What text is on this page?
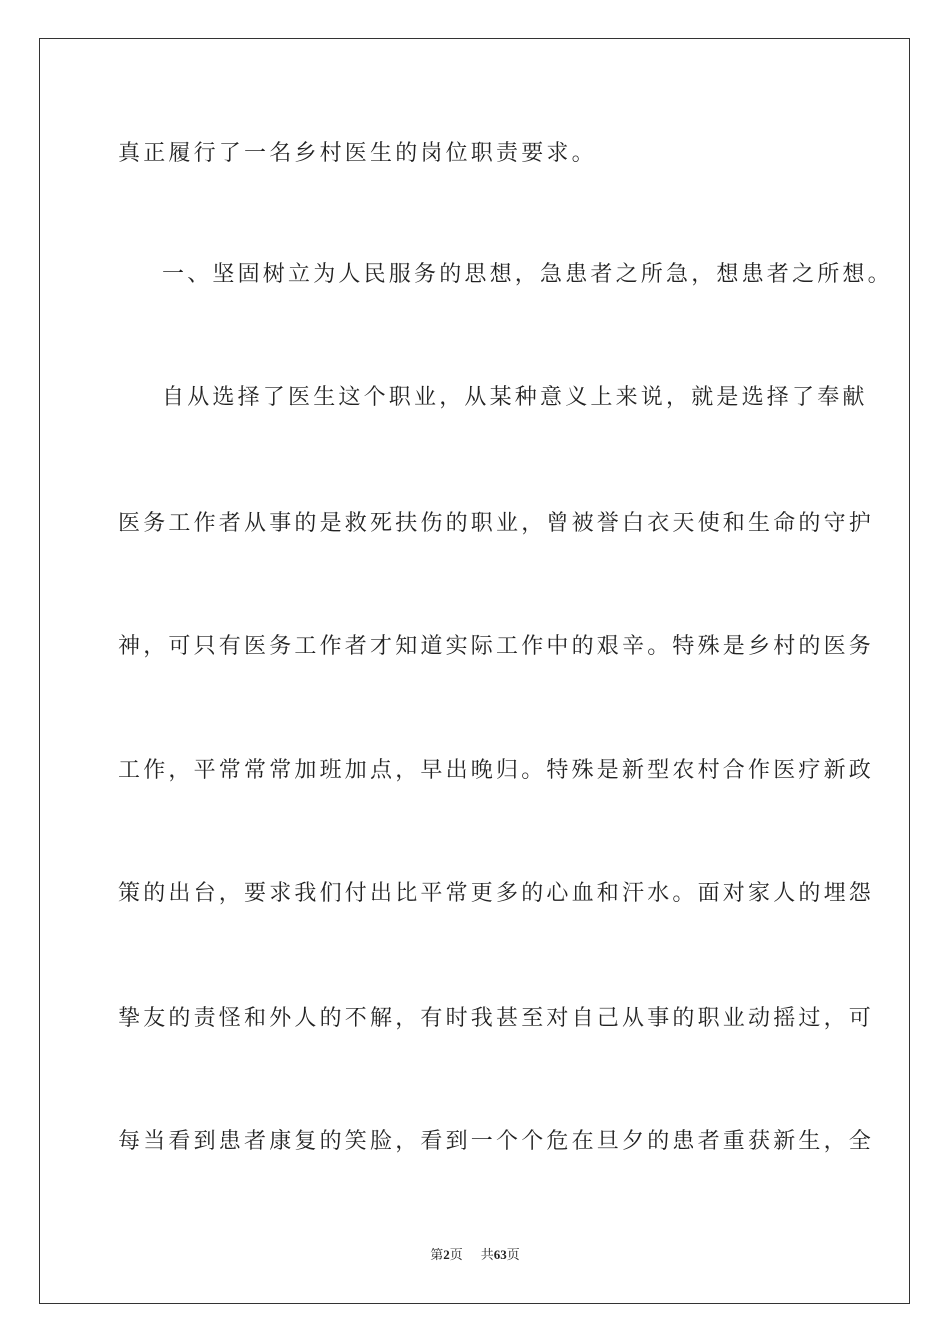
真正履行了一名乡村医生的岗位职责要求。
一、坚固树立为人民服务的思想，急患者之所急，想患者之所想。
自从选择了医生这个职业，从某种意义上来说，就是选择了奉献
医务工作者从事的是救死扶伤的职业，曾被誉白衣天使和生命的守护
神，可只有医务工作者才知道实际工作中的艰辛。特殊是乡村的医务
工作，平常常常加班加点，早出晚归。特殊是新型农村合作医疗新政
策的出台，要求我们付出比平常更多的心血和汗水。面对家人的埋怨
挚友的责怪和外人的不解，有时我甚至对自己从事的职业动摇过，可
每当看到患者康复的笑脸，看到一个个危在旦夕的患者重获新生，全
第2页 共63页
